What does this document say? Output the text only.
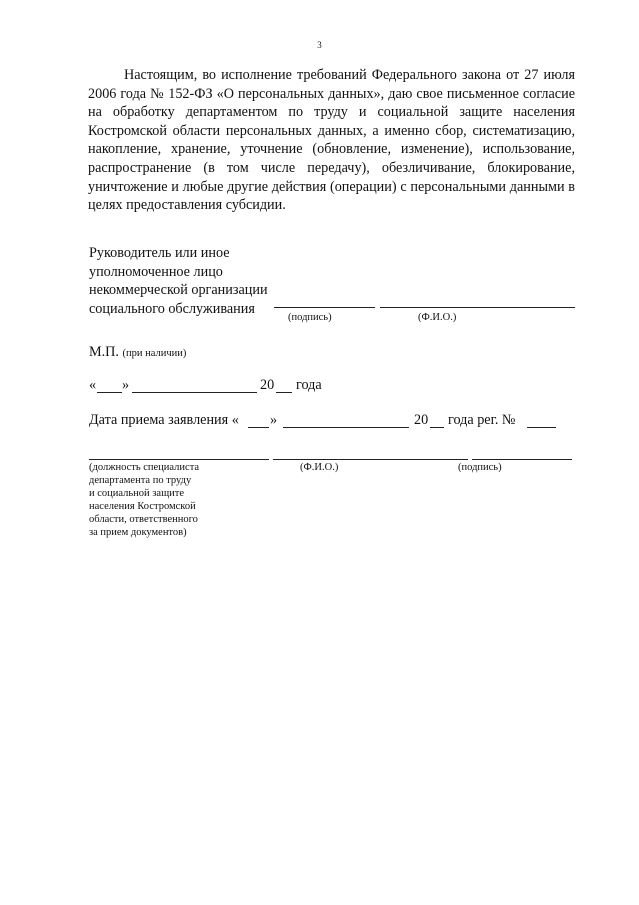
3

Настоящим, во исполнение требований Федерального закона от 27 июля 2006 года № 152-ФЗ «О персональных данных», даю свое письменное согласие на обработку департаментом по труду и социальной защите населения Костромской области персональных данных, а именно сбор, систематизацию, накопление, хранение, уточнение (обновление, изменение), использование, распространение (в том числе передачу), обезличивание, блокирование, уничтожение и любые другие действия (операции) с персональными данными в целях предоставления субсидии.

Руководитель или иное
уполномоченное лицо
некоммерческой организации
социального обслуживания
(подпись)	(Ф.И.О.)
М.П. (при наличии)
« »	20 года
Дата приема заявления « »	20 года рег. №
(должность специалиста
департамента по труду
и социальной защите
населения Костромской
области, ответственного
за прием документов)
(Ф.И.О.)	(подпись)
